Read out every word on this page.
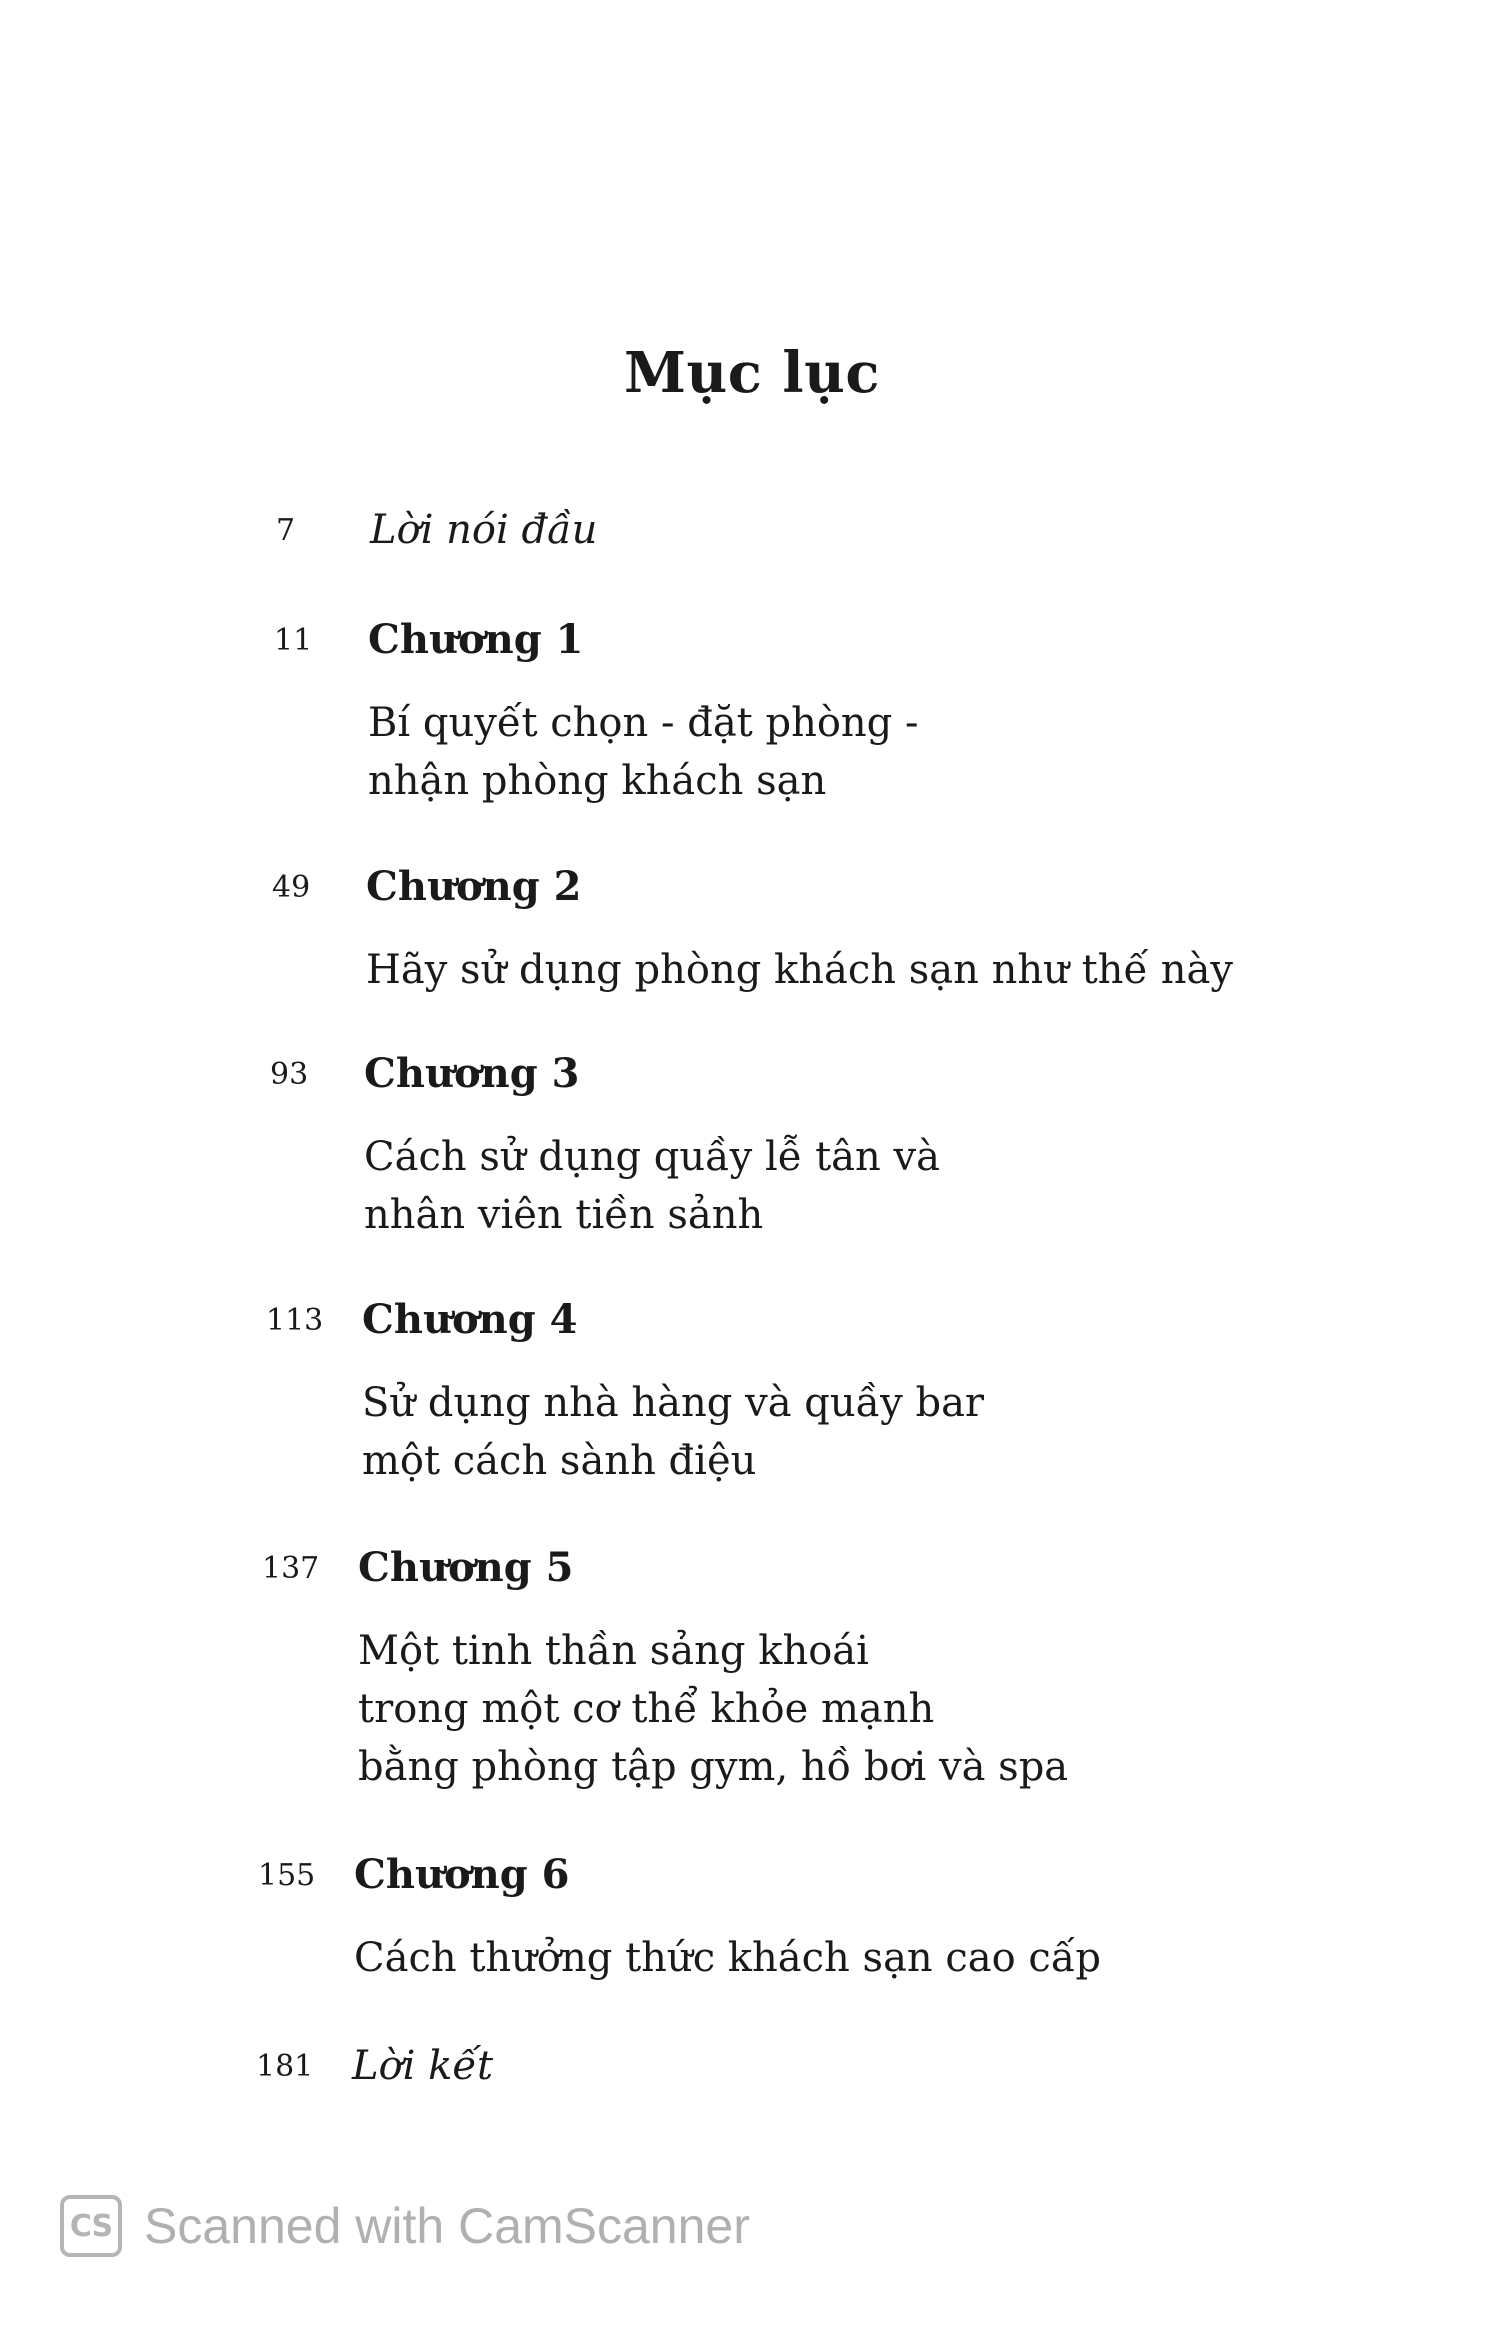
Mục lục
7 Lời nói đầu

11 Chương 1

Bí quyết chọn - đặt phòng -

nhận phòng khách sạn

49 Chương 2

Hãy sử dụng phòng khách sạn như thế này

93 Chương 3

Cách sử dụng quầy lễ tân và

nhân viên tiền sảnh

113 Chương 4

Sử dụng nhà hàng và quầy bar

một cách sành điệu

137 Chương 5

Một tinh thần sảng khoái

trong một cơ thể khỏe mạnh

bằng phòng tập gym, hồ bơi và spa

155 Chương 6

Cách thưởng thức khách sạn cao cấp

181 Lời kết

CS Scanned with CamScanner
